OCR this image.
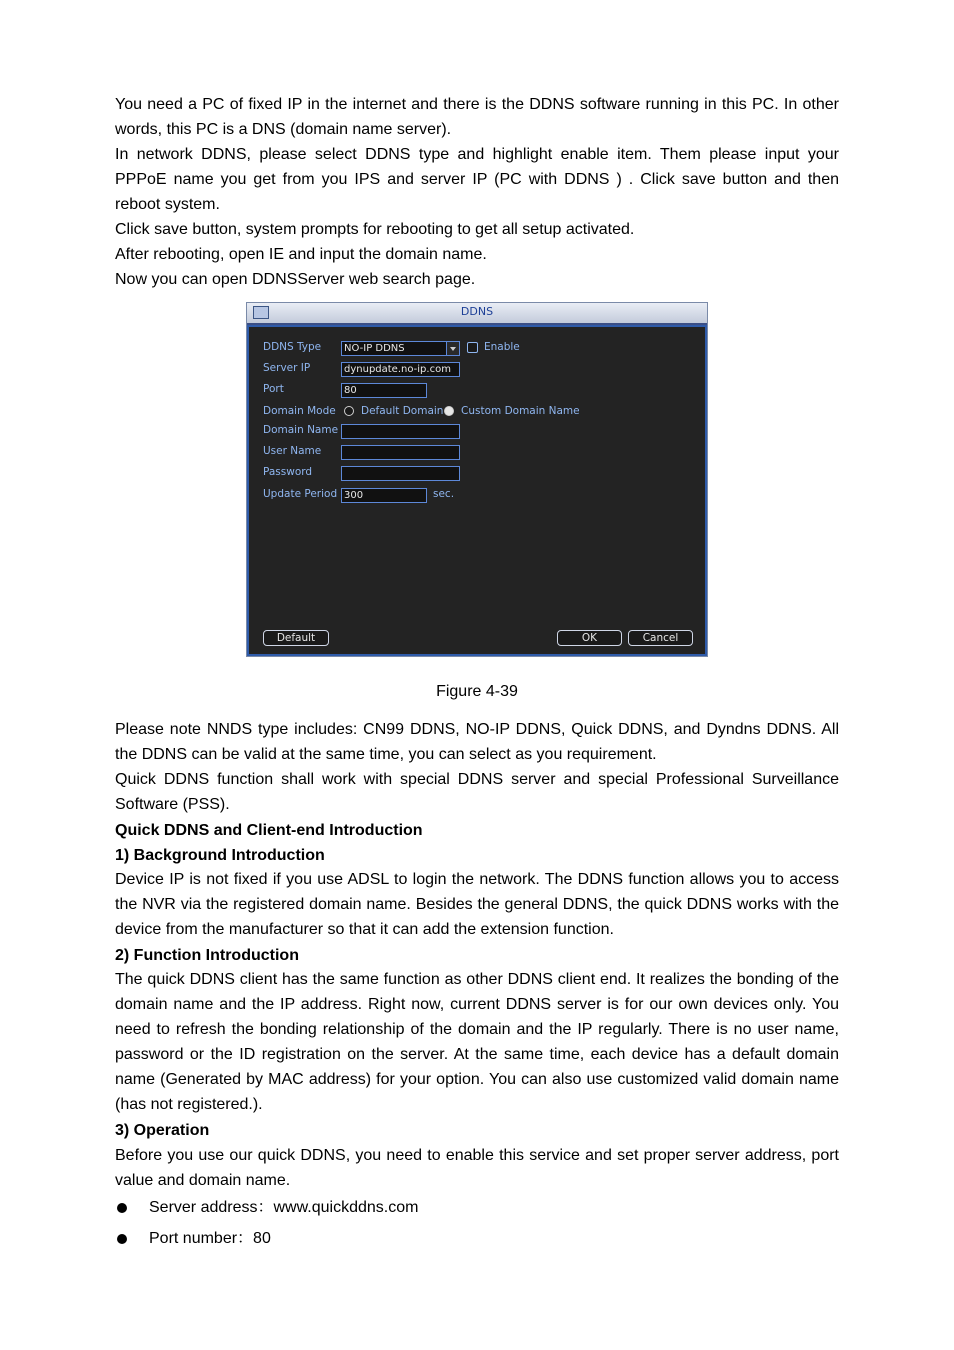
You need a PC of fixed IP in the internet and there is the DDNS software running in this PC. In other words, this PC is a DNS (domain name server).

In network DDNS, please select DDNS type and highlight enable item. Them please input your PPPoE name you get from you IPS and server IP (PC with DDNS ) . Click save button and then reboot system.

Click save button, system prompts for rebooting to get all setup activated.

After rebooting, open IE and input the domain name.

Now you can open DDNSServer web search page.

DDNS
DDNS Type	NO-IP DDNS	Enable
Server IP	dynupdate.no-ip.com
Port	80
Domain Mode Default Domain Custom Domain Name
Domain Name
User Name
Password
Update Period 300	sec.
Default	OK	Cancel
Figure 4-39

Please note NNDS type includes: CN99 DDNS, NO-IP DDNS, Quick DDNS, and Dyndns DDNS. All the DDNS can be valid at the same time, you can select as you requirement.

Quick DDNS function shall work with special DDNS server and special Professional Surveillance Software (PSS).

Quick DDNS and Client-end Introduction

1) Background Introduction

Device IP is not fixed if you use ADSL to login the network. The DDNS function allows you to access the NVR via the registered domain name. Besides the general DDNS, the quick DDNS works with the device from the manufacturer so that it can add the extension function.

2) Function Introduction

The quick DDNS client has the same function as other DDNS client end. It realizes the bonding of the domain name and the IP address. Right now, current DDNS server is for our own devices only. You need to refresh the bonding relationship of the domain and the IP regularly. There is no user name, password or the ID registration on the server. At the same time, each device has a default domain name (Generated by MAC address) for your option. You can also use customized valid domain name (has not registered.).

3) Operation

Before you use our quick DDNS, you need to enable this service and set proper server address, port value and domain name.

Server address：www.quickddns.com
Port number：80
